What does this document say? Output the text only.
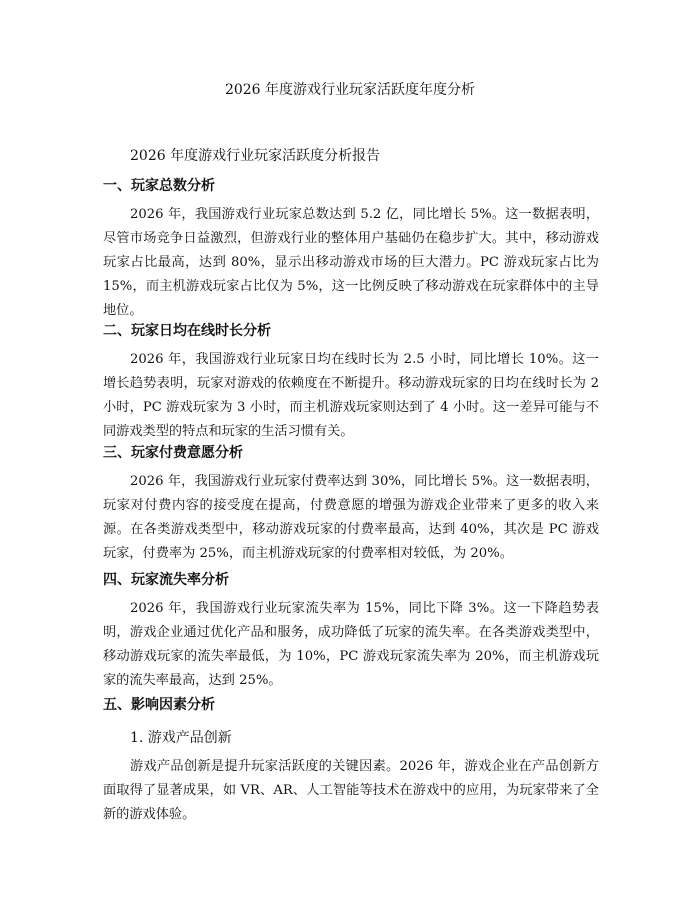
2026 年度游戏行业玩家活跃度年度分析
2026 年度游戏行业玩家活跃度分析报告
一、玩家总数分析
2026 年，我国游戏行业玩家总数达到 5.2 亿，同比增长 5%。这一数据表明，尽管市场竞争日益激烈，但游戏行业的整体用户基础仍在稳步扩大。其中，移动游戏玩家占比最高，达到 80%，显示出移动游戏市场的巨大潜力。PC 游戏玩家占比为 15%，而主机游戏玩家占比仅为 5%，这一比例反映了移动游戏在玩家群体中的主导地位。
二、玩家日均在线时长分析
2026 年，我国游戏行业玩家日均在线时长为 2.5 小时，同比增长 10%。这一增长趋势表明，玩家对游戏的依赖度在不断提升。移动游戏玩家的日均在线时长为 2 小时，PC 游戏玩家为 3 小时，而主机游戏玩家则达到了 4 小时。这一差异可能与不同游戏类型的特点和玩家的生活习惯有关。
三、玩家付费意愿分析
2026 年，我国游戏行业玩家付费率达到 30%，同比增长 5%。这一数据表明，玩家对付费内容的接受度在提高，付费意愿的增强为游戏企业带来了更多的收入来源。在各类游戏类型中，移动游戏玩家的付费率最高，达到 40%，其次是 PC 游戏玩家，付费率为 25%，而主机游戏玩家的付费率相对较低，为 20%。
四、玩家流失率分析
2026 年，我国游戏行业玩家流失率为 15%，同比下降 3%。这一下降趋势表明，游戏企业通过优化产品和服务，成功降低了玩家的流失率。在各类游戏类型中，移动游戏玩家的流失率最低，为 10%，PC 游戏玩家流失率为 20%，而主机游戏玩家的流失率最高，达到 25%。
五、影响因素分析
1. 游戏产品创新
游戏产品创新是提升玩家活跃度的关键因素。2026 年，游戏企业在产品创新方面取得了显著成果，如 VR、AR、人工智能等技术在游戏中的应用，为玩家带来了全新的游戏体验。
